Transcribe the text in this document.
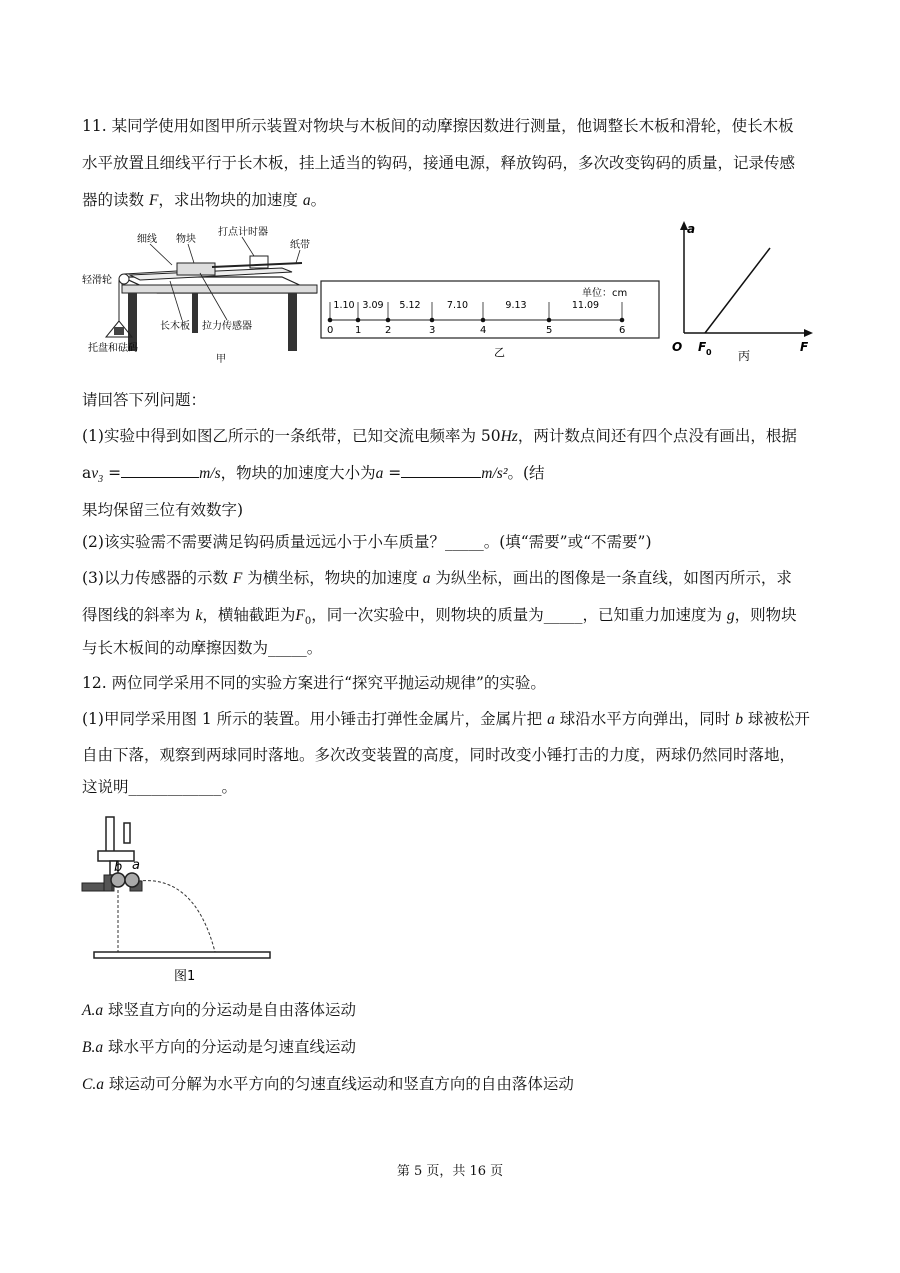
11. 某同学使用如图甲所示装置对物块与木板间的动摩擦因数进行测量，他调整长木板和滑轮，使长木板
水平放置且细线平行于长木板，挂上适当的钩码，接通电源，释放钩码，多次改变钩码的质量，记录传感
器的读数 F，求出物块的加速度 a。
细线 物块
打点计时器
纸带
轻滑轮
长木板 拉力传感器
托盘和砝码
甲
单位：cm
0 1 2	3	4	5	6
1.10 3.09 5.12	7.10	9.13	11.09
乙
a
F
O F 0 丙
请回答下列问题：
(1)实验中得到如图乙所示的一条纸带，已知交流电频率为 50Hz，两计数点间还有四个点没有画出，根据
$av_3$ =	m/s，物块的加速度大小为a =	m/s²。(结
果均保留三位有效数字)
(2)该实验需不需要满足钩码质量远远小于小车质量？_____。(填“需要”或“不需要”)
(3)以力传感器的示数 F 为横坐标，物块的加速度 a 为纵坐标，画出的图像是一条直线，如图丙所示，求
得图线的斜率为 k，横轴截距为$F_0$，同一次实验中，则物块的质量为_____，已知重力加速度为 g，则物块
与长木板间的动摩擦因数为_____。
12. 两位同学采用不同的实验方案进行“探究平抛运动规律”的实验。
(1)甲同学采用图 1 所示的装置。用小锤击打弹性金属片，金属片把 a 球沿水平方向弹出，同时 b 球被松开
自由下落，观察到两球同时落地。多次改变装置的高度，同时改变小锤打击的力度，两球仍然同时落地，
这说明____________。
b a
图1
A.a 球竖直方向的分运动是自由落体运动
B.a 球水平方向的分运动是匀速直线运动
C.a 球运动可分解为水平方向的匀速直线运动和竖直方向的自由落体运动
第 5 页，共 16 页
